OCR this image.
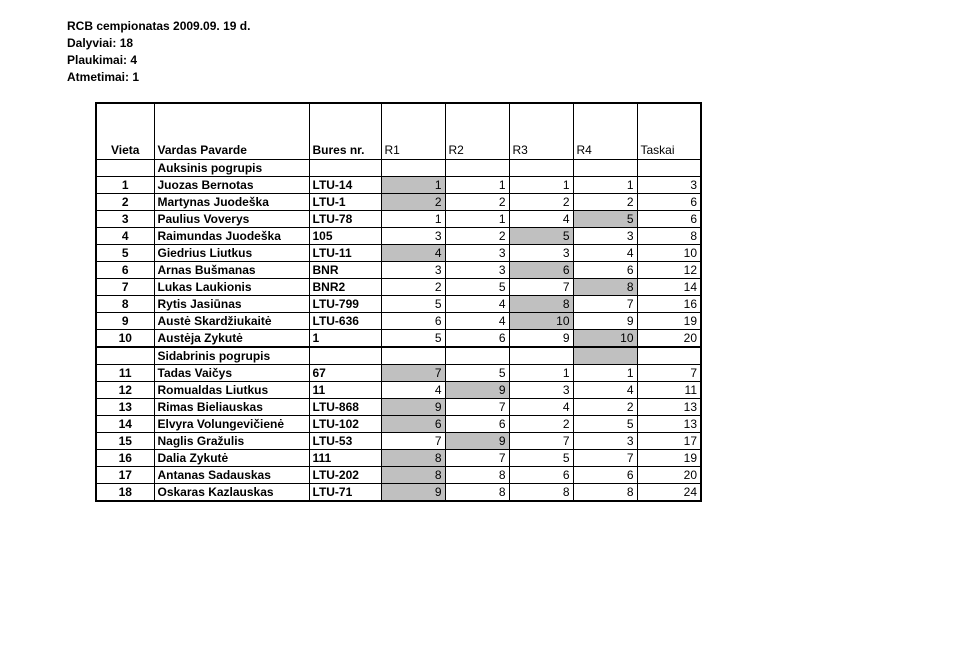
RCB cempionatas 2009.09. 19 d.
Dalyviai: 18
Plaukimai: 4
Atmetimai: 1
Vieta	Vardas Pavarde	Bures nr.	R1	R2	R3	R4	Taskai
	Auksinis pogrupis						
1	Juozas Bernotas	LTU-14	1	1	1	1	3
2	Martynas Juodeška	LTU-1	2	2	2	2	6
3	Paulius Voverys	LTU-78	1	1	4	5	6
4	Raimundas Juodeška	105	3	2	5	3	8
5	Giedrius Liutkus	LTU-11	4	3	3	4	10
6	Arnas Bušmanas	BNR	3	3	6	6	12
7	Lukas Laukionis	BNR2	2	5	7	8	14
8	Rytis Jasiūnas	LTU-799	5	4	8	7	16
9	Austė Skardžiukaitė	LTU-636	6	4	10	9	19
10	Austėja Zykutė	1	5	6	9	10	20
	Sidabrinis pogrupis						
11	Tadas Vaičys	67	7	5	1	1	7
12	Romualdas Liutkus	11	4	9	3	4	11
13	Rimas Bieliauskas	LTU-868	9	7	4	2	13
14	Elvyra Volungevičienė	LTU-102	6	6	2	5	13
15	Naglis Gražulis	LTU-53	7	9	7	3	17
16	Dalia Zykutė	111	8	7	5	7	19
17	Antanas Sadauskas	LTU-202	8	8	6	6	20
18	Oskaras Kazlauskas	LTU-71	9	8	8	8	24
